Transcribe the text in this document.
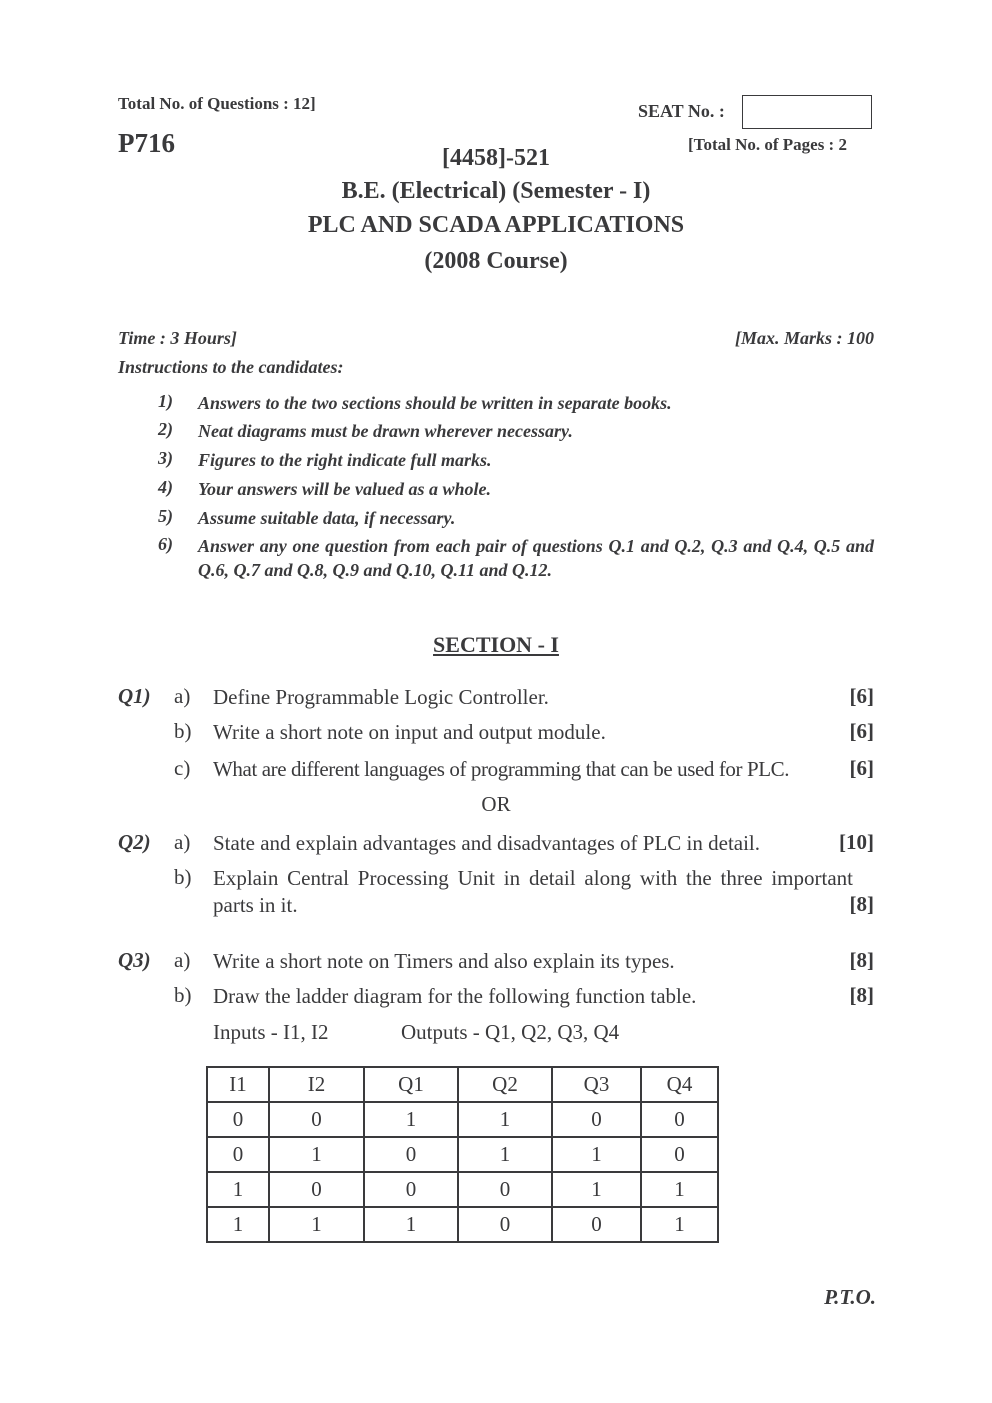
Total No. of Questions : 12]
P716
SEAT No. :
[Total No. of Pages : 2
[4458]-521
B.E. (Electrical) (Semester - I)
PLC AND SCADA APPLICATIONS
(2008 Course)
Time : 3 Hours]	[Max. Marks : 100
Instructions to the candidates:
1) Answers to the two sections should be written in separate books.
2) Neat diagrams must be drawn wherever necessary.
3) Figures to the right indicate full marks.
4) Your answers will be valued as a whole.
5) Assume suitable data, if necessary.
6) Answer any one question from each pair of questions Q.1 and Q.2, Q.3 and Q.4, Q.5 and Q.6, Q.7 and Q.8, Q.9 and Q.10, Q.11 and Q.12.
SECTION - I
Q1) a) Define Programmable Logic Controller.	[6]
b) Write a short note on input and output module.	[6]
c) What are different languages of programming that can be used for PLC.	[6]
OR
Q2) a) State and explain advantages and disadvantages of PLC in detail.	[10]
b) Explain Central Processing Unit in detail along with the three important parts in it.	[8]
Q3) a) Write a short note on Timers and also explain its types.	[8]
b) Draw the ladder diagram for the following function table.	[8]
Inputs - I1, I2	Outputs - Q1, Q2, Q3, Q4
I1	I2	Q1	Q2	Q3	Q4
0	0	1	1	0	0
0	1	0	1	1	0
1	0	0	0	1	1
1	1	1	0	0	1
P.T.O.
